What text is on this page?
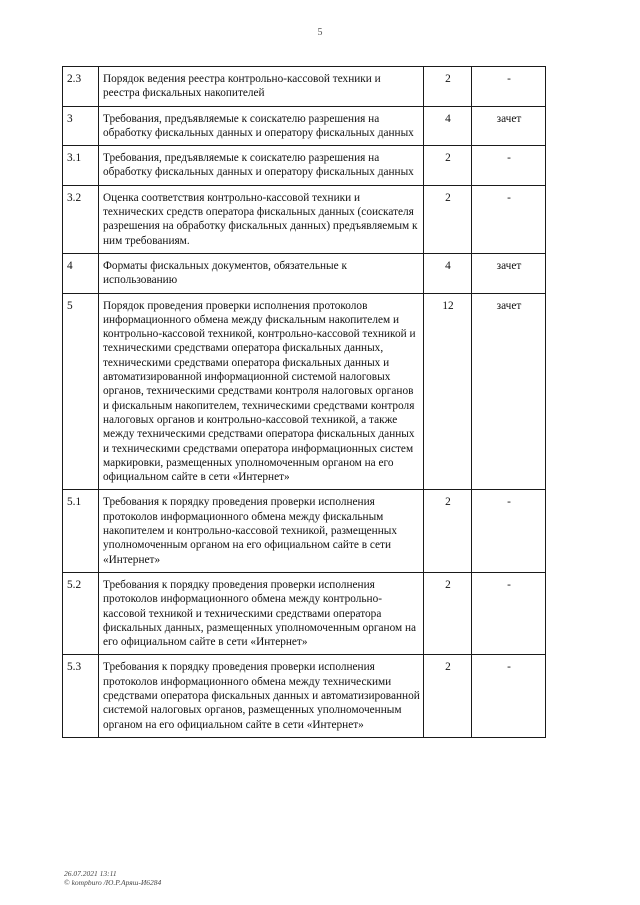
5
2.3	Порядок ведения реестра контрольно-кассовой техники и реестра фискальных накопителей	2	-
3	Требования, предъявляемые к соискателю разрешения на обработку фискальных данных и оператору фискальных данных	4	зачет
3.1	Требования, предъявляемые к соискателю разрешения на обработку фискальных данных и оператору фискальных данных	2	-
3.2	Оценка соответствия контрольно-кассовой техники и технических средств оператора фискальных данных (соискателя разрешения на обработку фискальных данных) предъявляемым к ним требованиям.	2	-
4	Форматы фискальных документов, обязательные к использованию	4	зачет
5	Порядок проведения проверки исполнения протоколов информационного обмена между фискальным накопителем и контрольно-кассовой техникой, контрольно-кассовой техникой и техническими средствами оператора фискальных данных, техническими средствами оператора фискальных данных и автоматизированной информационной системой налоговых органов, техническими средствами контроля налоговых органов и фискальным накопителем, техническими средствами контроля налоговых органов и контрольно-кассовой техникой, а также между техническими средствами оператора фискальных данных и техническими средствами оператора информационных систем маркировки, размещенных уполномоченным органом на его официальном сайте в сети «Интернет»	12	зачет
5.1	Требования к порядку проведения проверки исполнения протоколов информационного обмена между фискальным накопителем и контрольно-кассовой техникой, размещенных уполномоченным органом на его официальном сайте в сети «Интернет»	2	-
5.2	Требования к порядку проведения проверки исполнения протоколов информационного обмена между контрольно-кассовой техникой и техническими средствами оператора фискальных данных, размещенных уполномоченным органом на его официальном сайте в сети «Интернет»	2	-
5.3	Требования к порядку проведения проверки исполнения протоколов информационного обмена между техническими средствами оператора фискальных данных и автоматизированной системой налоговых органов, размещенных уполномоченным органом на его официальном сайте в сети «Интернет»	2	-
26.07.2021 13:11
© kompburo /Ю.Р.Аряш-И6284
